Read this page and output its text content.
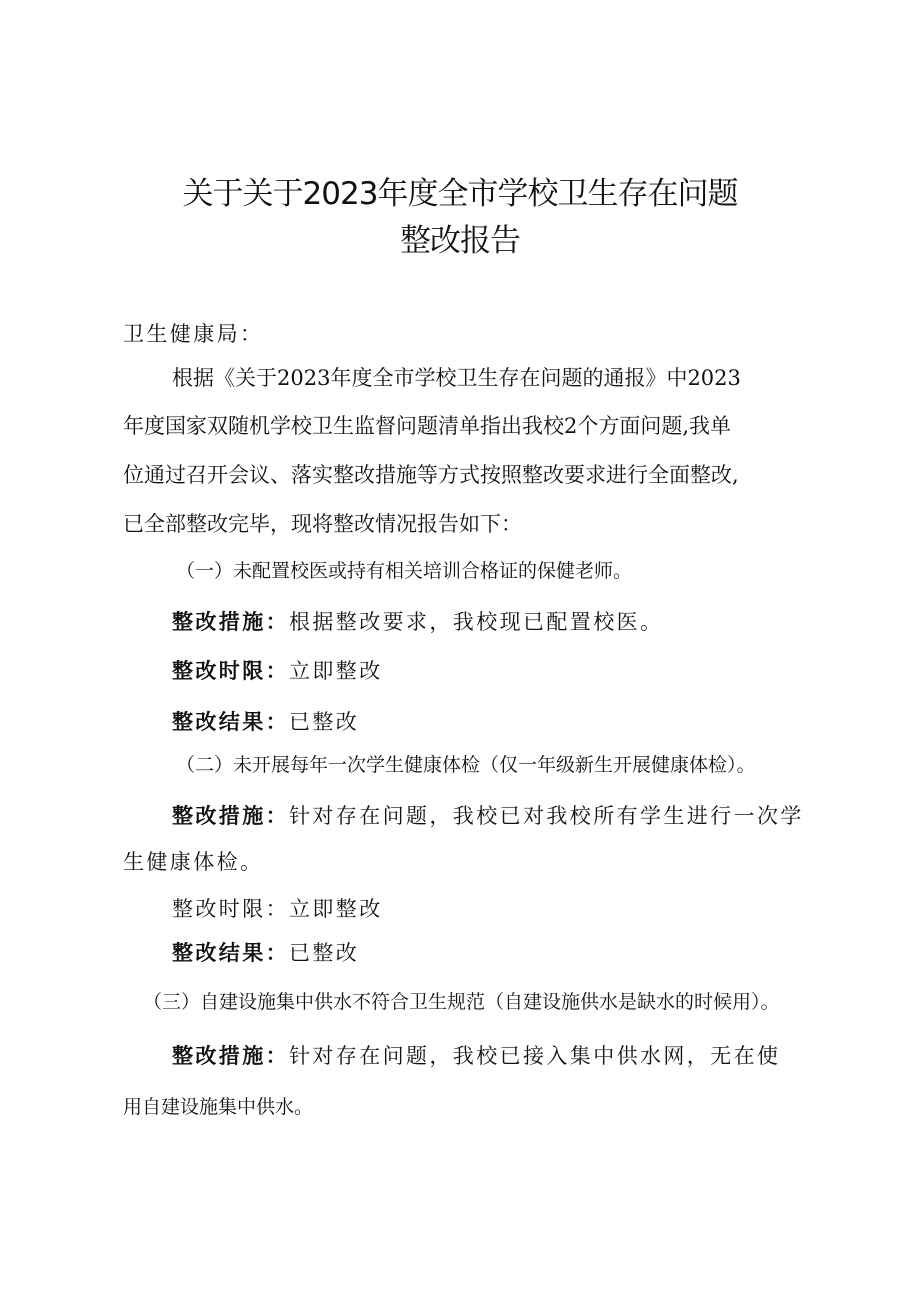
关于关于2023年度全市学校卫生存在问题
整改报告
卫生健康局：
根据《关于2023年度全市学校卫生存在问题的通报》中2023
年度国家双随机学校卫生监督问题清单指出我校2个方面问题,我单
位通过召开会议、落实整改措施等方式按照整改要求进行全面整改,
已全部整改完毕，现将整改情况报告如下：
（一）未配置校医或持有相关培训合格证的保健老师。
整改措施：根据整改要求，我校现已配置校医。
整改时限：立即整改
整改结果：已整改
（二）未开展每年一次学生健康体检（仅一年级新生开展健康体检）。
整改措施：针对存在问题，我校已对我校所有学生进行一次学
生健康体检。
整改时限：立即整改
整改结果：已整改
（三）自建设施集中供水不符合卫生规范（自建设施供水是缺水的时候用）。
整改措施：针对存在问题，我校已接入集中供水网，无在使
用自建设施集中供水。
